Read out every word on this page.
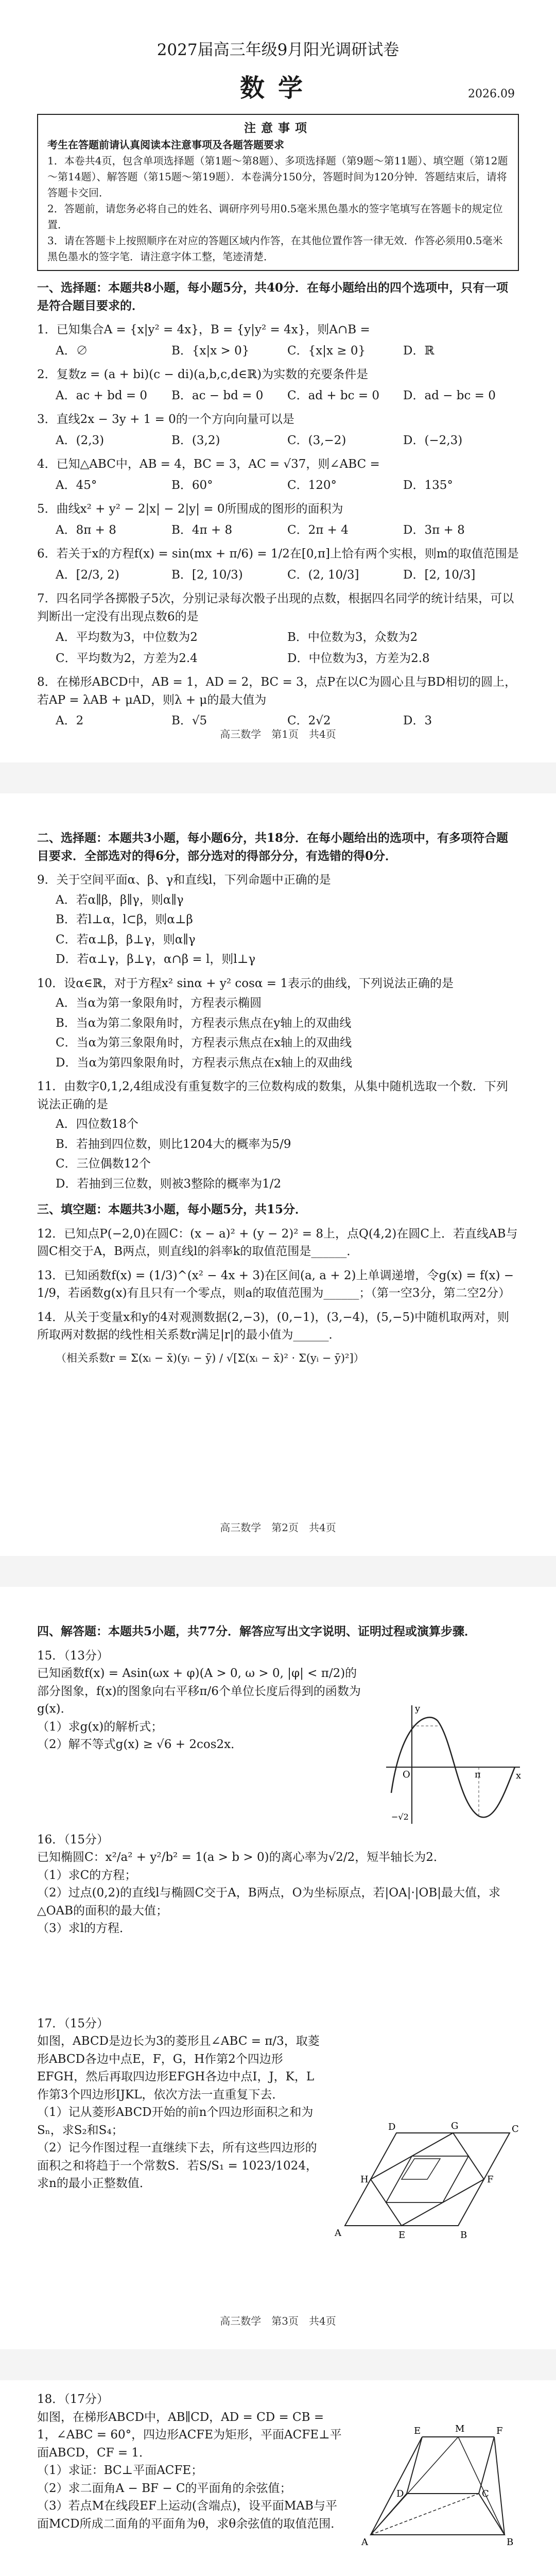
2027届高三年级9月阳光调研试卷
数学	2026.09
注意事项
考生在答题前请认真阅读本注意事项及各题答题要求
1．本卷共4页，包含单项选择题（第1题～第8题）、多项选择题（第9题～第11题）、填空题（第12题～第14题）、解答题（第15题～第19题）．本卷满分150分，答题时间为120分钟．答题结束后，请将答题卡交回．
2．答题前，请您务必将自己的姓名、调研序列号用0.5毫米黑色墨水的签字笔填写在答题卡的规定位置．
3．请在答题卡上按照顺序在对应的答题区域内作答，在其他位置作答一律无效．作答必须用0.5毫米黑色墨水的签字笔．请注意字体工整，笔迹清楚．
一、选择题：本题共8小题，每小题5分，共40分．在每小题给出的四个选项中，只有一项是符合题目要求的．
1．已知集合A = {x|y² = 4x}，B = {y|y² = 4x}，则A∩B =
A．∅	B．{x|x > 0}	C．{x|x ≥ 0}	D．ℝ
2．复数z = (a + bi)(c − di)(a,b,c,d∈ℝ)为实数的充要条件是
A．ac + bd = 0	B．ac − bd = 0	C．ad + bc = 0	D．ad − bc = 0
3．直线2x − 3y + 1 = 0的一个方向向量可以是
A．(2,3)	B．(3,2)	C．(3,−2)	D．(−2,3)
4．已知△ABC中，AB = 4，BC = 3，AC = √37，则∠ABC =
A．45°	B．60°	C．120°	D．135°
5．曲线x² + y² − 2|x| − 2|y| = 0所围成的图形的面积为
A．8π + 8	B．4π + 8	C．2π + 4	D．3π + 8
6．若关于x的方程f(x) = sin(mx + π/6) = 1/2在[0,π]上恰有两个实根，则m的取值范围是
A．[2/3, 2)	B．[2, 10/3)	C．(2, 10/3]	D．[2, 10/3]
7．四名同学各掷骰子5次，分别记录每次骰子出现的点数，根据四名同学的统计结果，可以判断出一定没有出现点数6的是
A．平均数为3，中位数为2	B．中位数为3，众数为2
C．平均数为2，方差为2.4	D．中位数为3，方差为2.8
8．在梯形ABCD中，AB = 1，AD = 2，BC = 3，点P在以C为圆心且与BD相切的圆上，若AP = λAB + μAD，则λ + μ的最大值为
A．2	B．√5	C．2√2	D．3
高三数学　第1页　共4页
二、选择题：本题共3小题，每小题6分，共18分．在每小题给出的选项中，有多项符合题目要求．全部选对的得6分，部分选对的得部分分，有选错的得0分．
9．关于空间平面α、β、γ和直线l，下列命题中正确的是
A．若α∥β，β∥γ，则α∥γ
B．若l⊥α，l⊂β，则α⊥β
C．若α⊥β，β⊥γ，则α∥γ
D．若α⊥γ，β⊥γ，α∩β = l，则l⊥γ
10．设α∈ℝ，对于方程x² sinα + y² cosα = 1表示的曲线，下列说法正确的是
A．当α为第一象限角时，方程表示椭圆
B．当α为第二象限角时，方程表示焦点在y轴上的双曲线
C．当α为第三象限角时，方程表示焦点在x轴上的双曲线
D．当α为第四象限角时，方程表示焦点在x轴上的双曲线
11．由数字0,1,2,4组成没有重复数字的三位数构成的数集，从集中随机选取一个数．下列说法正确的是
A．四位数18个
B．若抽到四位数，则比1204大的概率为5/9
C．三位偶数12个
D．若抽到三位数，则被3整除的概率为1/2
三、填空题：本题共3小题，每小题5分，共15分．
12．已知点P(−2,0)在圆C：(x − a)² + (y − 2)² = 8上，点Q(4,2)在圆C上．若直线AB与圆C相交于A，B两点，则直线l的斜率k的取值范围是______．
13．已知函数f(x) = (1/3)^(x² − 4x + 3)在区间(a, a + 2)上单调递增，令g(x) = f(x) − 1/9，若函数g(x)有且只有一个零点，则a的取值范围为______；（第一空3分，第二空2分）
14．从关于变量x和y的4对观测数据(2,−3)，(0,−1)，(3,−4)，(5,−5)中随机取两对，则所取两对数据的线性相关系数r满足|r|的最小值为______．
（相关系数r = Σ(xᵢ − x̄)(yᵢ − ȳ) / √[Σ(xᵢ − x̄)² · Σ(yᵢ − ȳ)²]）
高三数学　第2页　共4页
四、解答题：本题共5小题，共77分．解答应写出文字说明、证明过程或演算步骤．
15．（13分）
已知函数f(x) = Asin(ωx + φ)(A > 0, ω > 0, |φ| < π/2)的部分图象，f(x)的图象向右平移π/6个单位长度后得到的函数为g(x)．
（1）求g(x)的解析式；
（2）解不等式g(x) ≥ √6 + 2cos2x．
16．（15分）
已知椭圆C：x²/a² + y²/b² = 1(a > b > 0)的离心率为√2/2，短半轴长为2．
（1）求C的方程；
（2）过点(0,2)的直线l与椭圆C交于A，B两点，O为坐标原点，若|OA|·|OB|最大值，求△OAB的面积的最大值；
（3）求l的方程．
17．（15分）
如图，ABCD是边长为3的菱形且∠ABC = π/3，取菱形ABCD各边中点E，F，G，H作第2个四边形EFGH，然后再取四边形EFGH各边中点I，J，K，L作第3个四边形IJKL，依次方法一直重复下去．
（1）记从菱形ABCD开始的前n个四边形面积之和为Sₙ，求S₂和S₄；
（2）记今作图过程一直继续下去，所有这些四边形的面积之和将趋于一个常数S．若S/S₁ = 1023/1024，求n的最小正整数值．
y
x
O	π
−√2
A	B
C
D
E
F
G
H
高三数学　第3页　共4页
18．（17分）
如图，在梯形ABCD中，AB∥CD，AD = CD = CB = 1，∠ABC = 60°，四边形ACFE为矩形，平面ACFE⊥平面ABCD，CF = 1．
（1）求证：BC⊥平面ACFE；
（2）求二面角A − BF − C的平面角的余弦值；
（3）若点M在线段EF上运动(含端点)，设平面MAB与平面MCD所成二面角的平面角为θ，求θ余弦值的取值范围．
E	F
M
D	C
A	B
